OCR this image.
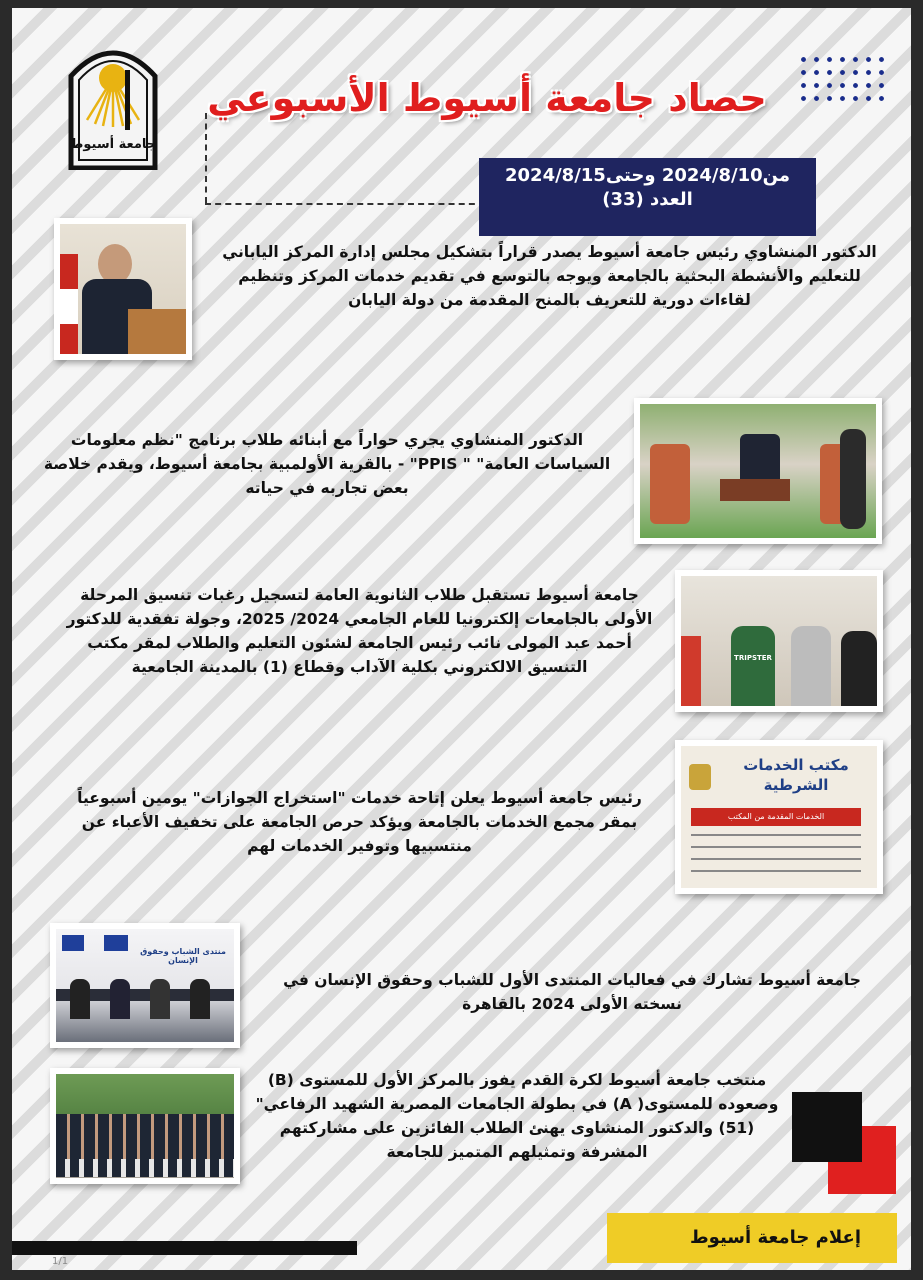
جامعة أسيوط
حصاد جامعة أسيوط الأسبوعي
من2024/8/10 وحتى2024/8/15
العدد (33)
الدكتور المنشاوي رئيس جامعة أسيوط يصدر قراراً بتشكيل مجلس إدارة المركز الياباني للتعليم والأنشطة البحثية بالجامعة ويوجه بالتوسع في تقديم خدمات المركز وتنظيم لقاءات دورية للتعريف بالمنح المقدمة من دولة اليابان
الدكتور المنشاوي يجري حواراً مع أبنائه طلاب برنامج "نظم معلومات السياسات العامة" " PPIS" - بالقرية الأولمبية بجامعة أسيوط، ويقدم خلاصة بعض تجاربه في حياته
TRIPSTER
جامعة أسيوط تستقبل طلاب الثانوية العامة لتسجيل رغبات تنسيق المرحلة الأولى بالجامعات إلكترونيا للعام الجامعي 2024/ 2025، وجولة تفقدية للدكتور أحمد عبد المولى نائب رئيس الجامعة لشئون التعليم والطلاب لمقر مكتب التنسيق الالكتروني بكلية الآداب وقطاع (1) بالمدينة الجامعية
مكتب الخدمات الشرطية
الخدمات المقدمة من المكتب
رئيس جامعة أسيوط يعلن إتاحة خدمات "استخراج الجوازات" يومين أسبوعياً بمقر مجمع الخدمات بالجامعة ويؤكد حرص الجامعة على تخفيف الأعباء عن منتسبيها وتوفير الخدمات لهم
منتدى الشباب وحقوق الإنسان
جامعة أسيوط تشارك في فعاليات المنتدى الأول للشباب وحقوق الإنسان في نسخته الأولى 2024 بالقاهرة
منتخب جامعة أسيوط لكرة القدم يفوز بالمركز الأول للمستوى (B) وصعوده للمستوى( A) في بطولة الجامعات المصرية الشهيد الرفاعي"(51) والدكتور المنشاوى يهنئ الطلاب الفائزين على مشاركتهم المشرفة وتمثيلهم المتميز للجامعة
إعلام جامعة أسيوط
1/1
